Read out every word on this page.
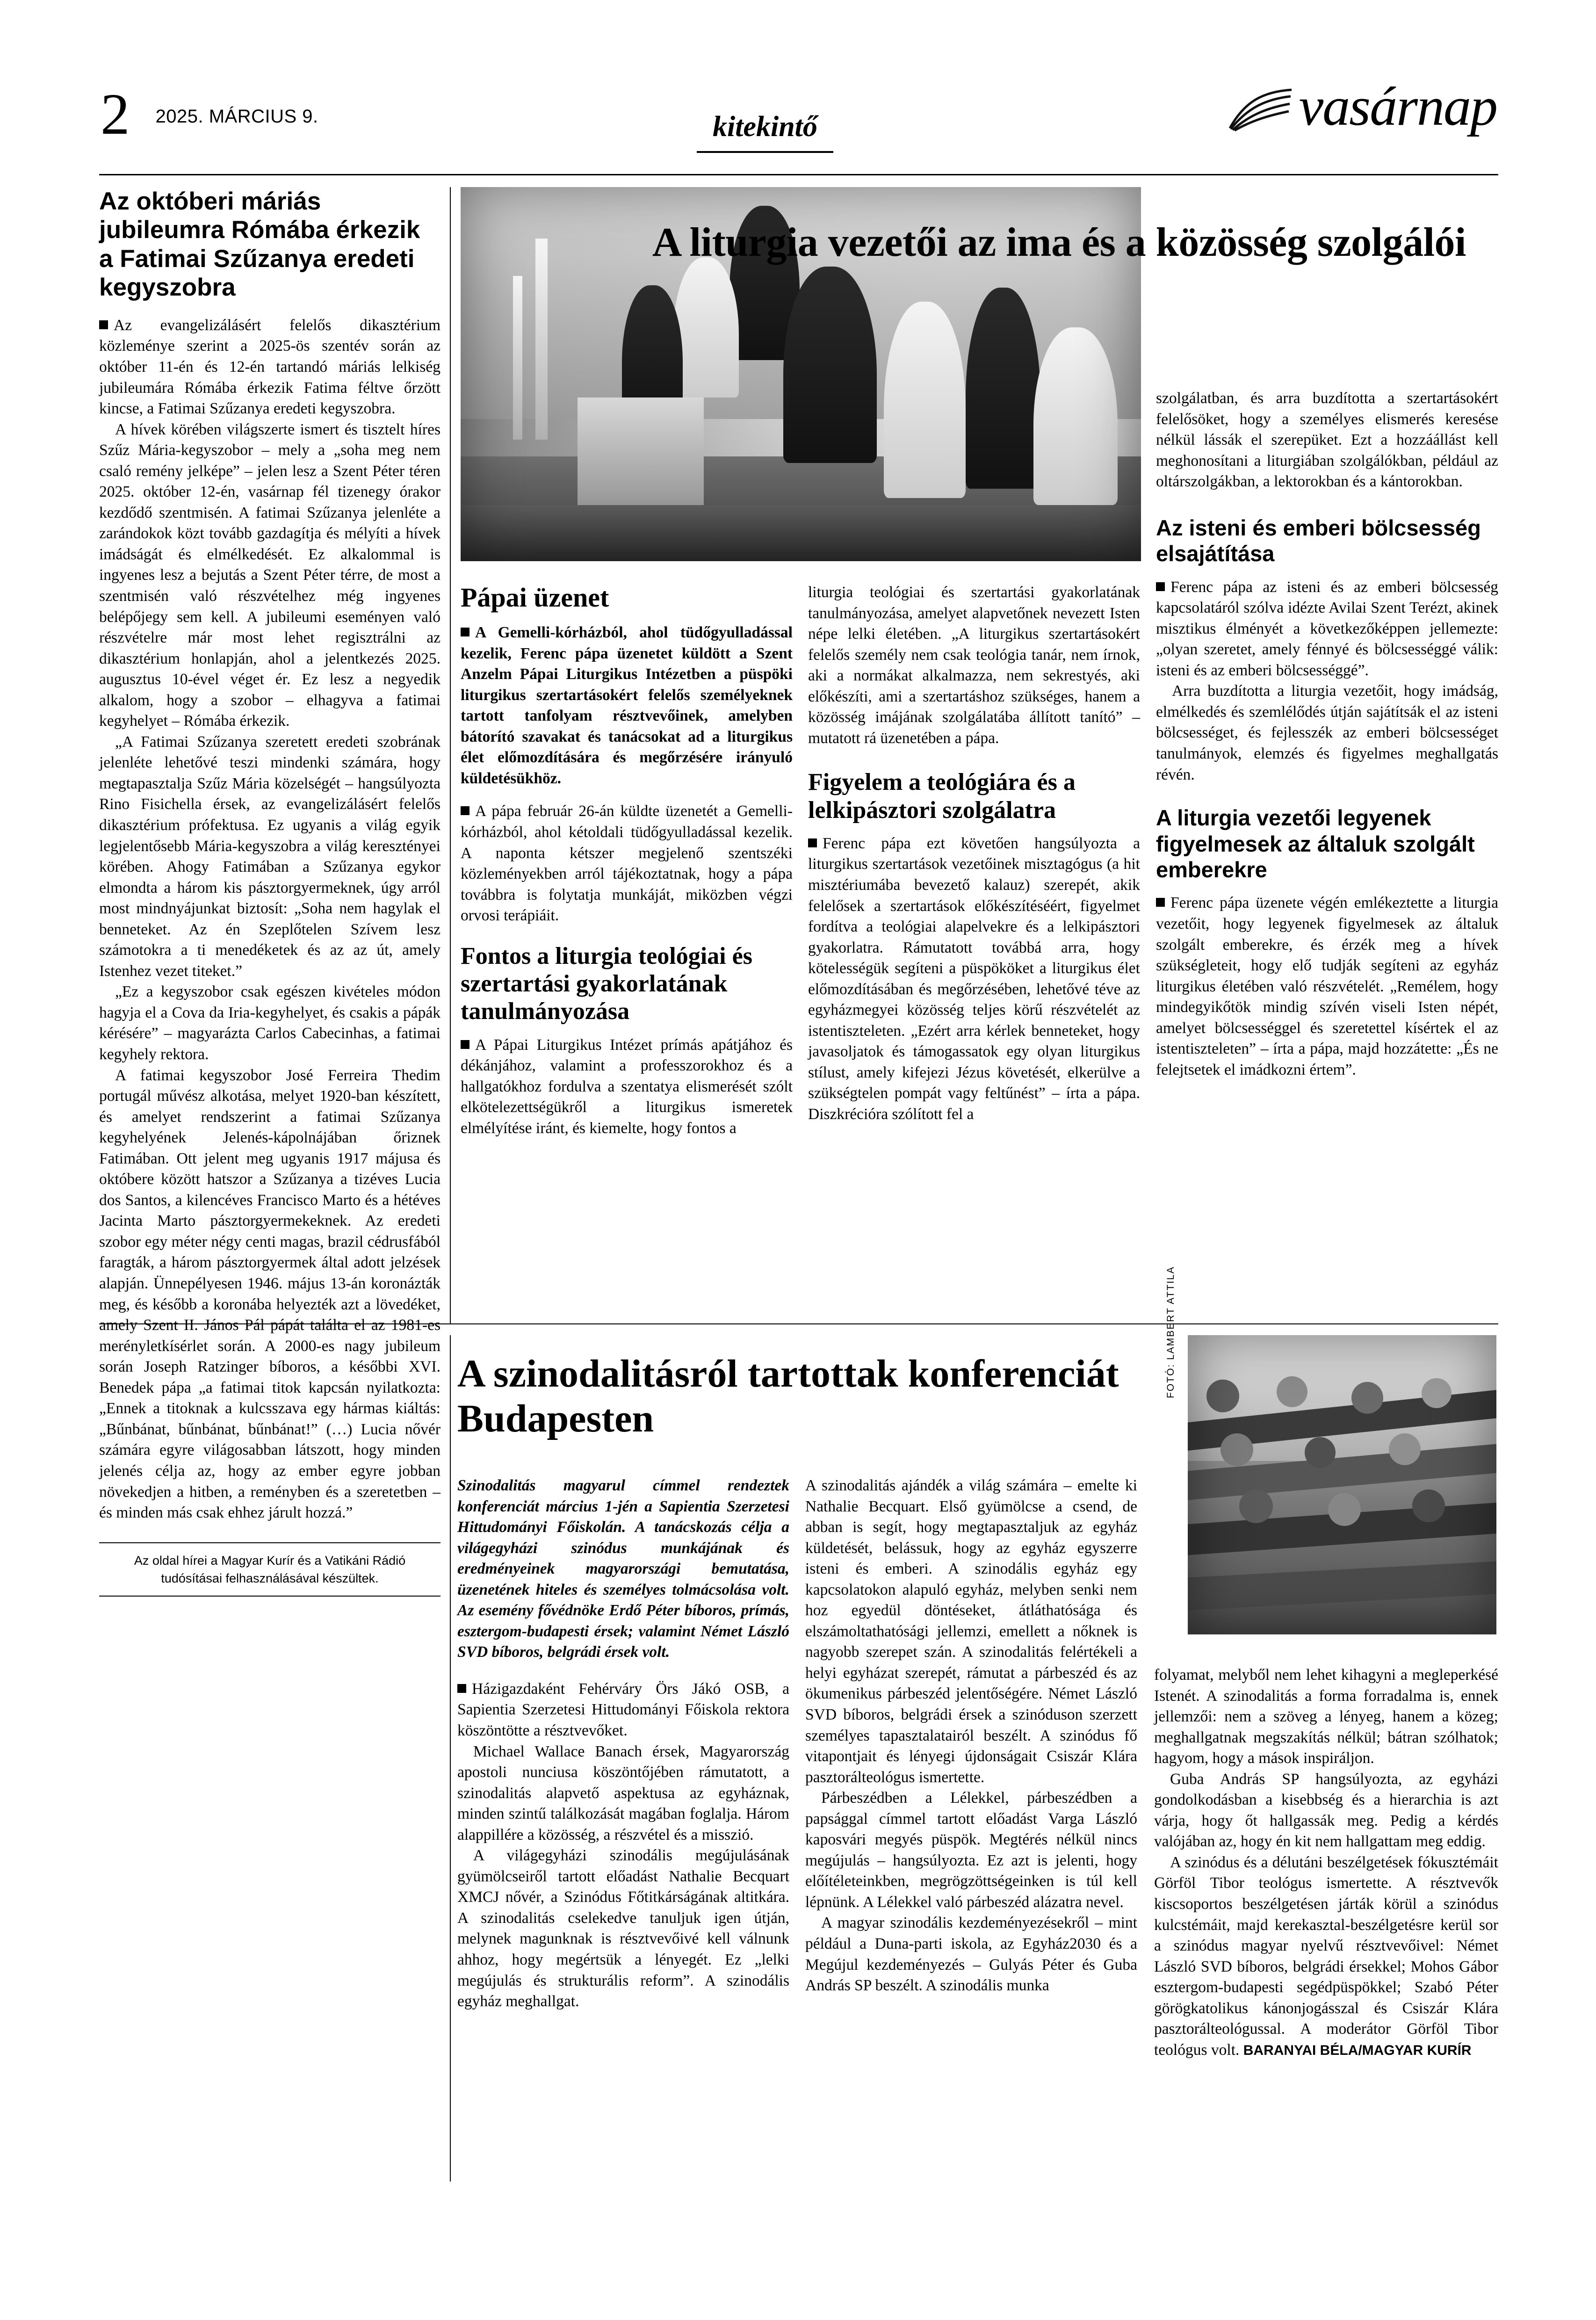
2 2025. MÁRCIUS 9.	kitekintő	vasárnap
A liturgia vezetői az ima és a közösség szolgálói
Az októberi máriás jubileumra Rómába érkezik a Fatimai Szűzanya eredeti kegyszobra

Az evangelizálásért felelős dikasztérium közleménye szerint a 2025-ös szentév során az október 11-én és 12-én tartandó máriás lelkiség jubileumára Rómába érkezik Fatima féltve őrzött kincse, a Fatimai Szűzanya eredeti kegyszobra.

A hívek körében világszerte ismert és tisztelt híres Szűz Mária-kegyszobor – mely a „soha meg nem csaló remény jelképe” – jelen lesz a Szent Péter téren 2025. október 12-én, vasárnap fél tizenegy órakor kezdődő szentmisén. A fatimai Szűzanya jelenléte a zarándokok közt tovább gazdagítja és mélyíti a hívek imádságát és elmélkedését. Ez alkalommal is ingyenes lesz a bejutás a Szent Péter térre, de most a szentmisén való részvételhez még ingyenes belépőjegy sem kell. A jubileumi eseményen való részvételre már most lehet regisztrálni az dikasztérium honlapján, ahol a jelentkezés 2025. augusztus 10-ével véget ér. Ez lesz a negyedik alkalom, hogy a szobor – elhagyva a fatimai kegyhelyet – Rómába érkezik.

„A Fatimai Szűzanya szeretett eredeti szobrának jelenléte lehetővé teszi mindenki számára, hogy megtapasztalja Szűz Mária közelségét – hangsúlyozta Rino Fisichella érsek, az evangelizálásért felelős dikasztérium prófektusa. Ez ugyanis a világ egyik legjelentősebb Mária-kegyszobra a világ keresztényei körében. Ahogy Fatimában a Szűzanya egykor elmondta a három kis pásztorgyermeknek, úgy arról most mindnyájunkat biztosít: „Soha nem hagylak el benneteket. Az én Szeplőtelen Szívem lesz számotokra a ti menedéketek és az az út, amely Istenhez vezet titeket.”

„Ez a kegyszobor csak egészen kivételes módon hagyja el a Cova da Iria-kegyhelyet, és csakis a pápák kérésére” – magyarázta Carlos Cabecinhas, a fatimai kegyhely rektora.

A fatimai kegyszobor José Ferreira Thedim portugál művész alkotása, melyet 1920-ban készített, és amelyet rendszerint a fatimai Szűzanya kegyhelyének Jelenés-kápolnájában őriznek Fatimában. Ott jelent meg ugyanis 1917 májusa és októbere között hatszor a Szűzanya a tizéves Lucia dos Santos, a kilencéves Francisco Marto és a hétéves Jacinta Marto pásztorgyermekeknek. Az eredeti szobor egy méter négy centi magas, brazil cédrusfából faragták, a három pásztorgyermek által adott jelzések alapján. Ünnepélyesen 1946. május 13-án koronázták meg, és később a koronába helyezték azt a lövedéket, amely Szent II. János Pál pápát találta el az 1981-es merényletkísérlet során. A 2000-es nagy jubileum során Joseph Ratzinger bíboros, a későbbi XVI. Benedek pápa „a fatimai titok kapcsán nyilatkozta: „Ennek a titoknak a kulcsszava egy hármas kiáltás: „Bűnbánat, bűnbánat, bűnbánat!” (…) Lucia nővér számára egyre világosabban látszott, hogy minden jelenés célja az, hogy az ember egyre jobban növekedjen a hitben, a reményben és a szeretetben – és minden más csak ehhez járult hozzá.”

Az oldal hírei a Magyar Kurír és a Vatikáni Rádió tudósításai felhasználásával készültek.
Pápai üzenet

A Gemelli-kórházból, ahol tüdőgyulladással kezelik, Ferenc pápa üzenetet küldött a Szent Anzelm Pápai Liturgikus Intézetben a püspöki liturgikus szertartásokért felelős személyeknek tartott tanfolyam résztvevőinek, amelyben bátorító szavakat és tanácsokat ad a liturgikus élet előmozdítására és megőrzésére irányuló küldetésükhöz.

A pápa február 26-án küldte üzenetét a Gemelli-kórházból, ahol kétoldali tüdőgyulladással kezelik. A naponta kétszer megjelenő szentszéki közleményekben arról tájékoztatnak, hogy a pápa továbbra is folytatja munkáját, miközben végzi orvosi terápiáit.

Fontos a liturgia teológiai és szertartási gyakorlatának tanulmányozása

A Pápai Liturgikus Intézet prímás apátjához és dékánjához, valamint a professzorokhoz és a hallgatókhoz fordulva a szentatya elismerését szólt elkötelezettségükről a liturgikus ismeretek elmélyítése iránt, és kiemelte, hogy fontos a

liturgia teológiai és szertartási gyakorlatának tanulmányozása, amelyet alapvetőnek nevezett Isten népe lelki életében. „A liturgikus szertartásokért felelős személy nem csak teológia tanár, nem írnok, aki a normákat alkalmazza, nem sekrestyés, aki előkészíti, ami a szertartáshoz szükséges, hanem a közösség imájának szolgálatába állított tanító” – mutatott rá üzenetében a pápa.

Figyelem a teológiára és a lelkipásztori szolgálatra

Ferenc pápa ezt követően hangsúlyozta a liturgikus szertartások vezetőinek misztagógus (a hit misztériumába bevezető kalauz) szerepét, akik felelősek a szertartások előkészítéséért, figyelmet fordítva a teológiai alapelvekre és a lelkipásztori gyakorlatra. Rámutatott továbbá arra, hogy kötelességük segíteni a püspököket a liturgikus élet előmozdításában és megőrzésében, lehetővé téve az egyházmegyei közösség teljes körű részvételét az istentiszteleten. „Ezért arra kérlek benneteket, hogy javasoljatok és támogassatok egy olyan liturgikus stílust, amely kifejezi Jézus követését, elkerülve a szükségtelen pompát vagy feltűnést” – írta a pápa. Diszkrécióra szólított fel a

szolgálatban, és arra buzdította a szertartásokért felelősöket, hogy a személyes elismerés keresése nélkül lássák el szerepüket. Ezt a hozzáállást kell meghonosítani a liturgiában szolgálókban, például az oltárszolgákban, a lektorokban és a kántorokban.

Az isteni és emberi bölcsesség elsajátítása

Ferenc pápa az isteni és az emberi bölcsesség kapcsolatáról szólva idézte Avilai Szent Terézt, akinek misztikus élményét a következőképpen jellemezte: „olyan szeretet, amely fénnyé és bölcsességgé válik: isteni és az emberi bölcsességgé”.

Arra buzdította a liturgia vezetőit, hogy imádság, elmélkedés és szemlélődés útján sajátítsák el az isteni bölcsességet, és fejlesszék az emberi bölcsességet tanulmányok, elemzés és figyelmes meghallgatás révén.

A liturgia vezetői legyenek figyelmesek az általuk szolgált emberekre

Ferenc pápa üzenete végén emlékeztette a liturgia vezetőit, hogy legyenek figyelmesek az általuk szolgált emberekre, és érzék meg a hívek szükségleteit, hogy elő tudják segíteni az egyház liturgikus életében való részvételét. „Remélem, hogy mindegyikőtök mindig szívén viseli Isten népét, amelyet bölcsességgel és szeretettel kísértek el az istentiszteleten” – írta a pápa, majd hozzátette: „És ne felejtsetek el imádkozni értem”.

A szinodalitásról tartottak konferenciát Budapesten
FOTÓ: LAMBERT ATTILA
Szinodalitás magyarul címmel rendeztek konferenciát március 1-jén a Sapientia Szerzetesi Hittudományi Főiskolán. A tanácskozás célja a világegyházi szinódus munkájának és eredményeinek magyarországi bemutatása, üzenetének hiteles és személyes tolmácsolása volt. Az esemény fővédnöke Erdő Péter bíboros, prímás, esztergom-budapesti érsek; valamint Német László SVD bíboros, belgrádi érsek volt.

Házigazdaként Fehérváry Örs Jákó OSB, a Sapientia Szerzetesi Hittudományi Főiskola rektora köszöntötte a résztvevőket.

Michael Wallace Banach érsek, Magyarország apostoli nunciusa köszöntőjében rámutatott, a szinodalitás alapvető aspektusa az egyháznak, minden szintű találkozását magában foglalja. Három alappillére a közösség, a részvétel és a misszió.

A világegyházi szinodális megújulásának gyümölcseiről tartott előadást Nathalie Becquart XMCJ nővér, a Szinódus Főtitkárságának altitkára. A szinodalitás cselekedve tanuljuk igen útján, melynek magunknak is résztvevőivé kell válnunk ahhoz, hogy megértsük a lényegét. Ez „lelki megújulás és strukturális reform”. A szinodális egyház meghallgat.

A szinodalitás ajándék a világ számára – emelte ki Nathalie Becquart. Első gyümölcse a csend, de abban is segít, hogy megtapasztaljuk az egyház küldetését, belássuk, hogy az egyház egyszerre isteni és emberi. A szinodális egyház egy kapcsolatokon alapuló egyház, melyben senki nem hoz egyedül döntéseket, átláthatósága és elszámoltathatósági jellemzi, emellett a nőknek is nagyobb szerepet szán. A szinodalitás felértékeli a helyi egyházat szerepét, rámutat a párbeszéd és az ökumenikus párbeszéd jelentőségére. Német László SVD bíboros, belgrádi érsek a szinóduson szerzett személyes tapasztalatairól beszélt. A szinódus fő vitapontjait és lényegi újdonságait Csiszár Klára pasztorálteológus ismertette.

Párbeszédben a Lélekkel, párbeszédben a papsággal címmel tartott előadást Varga László kaposvári megyés püspök. Megtérés nélkül nincs megújulás – hangsúlyozta. Ez azt is jelenti, hogy előítéleteinkben, megrögzöttségeinken is túl kell lépnünk. A Lélekkel való párbeszéd alázatra nevel.

A magyar szinodális kezdeményezésekről – mint például a Duna-parti iskola, az Egyház2030 és a Megújul kezdeményezés – Gulyás Péter és Guba András SP beszélt. A szinodális munka

folyamat, melyből nem lehet kihagyni a megleperkésé Istenét. A szinodalitás a forma forradalma is, ennek jellemzői: nem a szöveg a lényeg, hanem a közeg; meghallgatnak megszakítás nélkül; bátran szólhatok; hagyom, hogy a mások inspiráljon.

Guba András SP hangsúlyozta, az egyházi gondolkodásban a kisebbség és a hierarchia is azt várja, hogy őt hallgassák meg. Pedig a kérdés valójában az, hogy én kit nem hallgattam meg eddig.

A szinódus és a délutáni beszélgetések fókusztémáit Görföl Tibor teológus ismertette. A résztvevők kiscsoportos beszélgetésen járták körül a szinódus kulcstémáit, majd kerekasztal-beszélgetésre kerül sor a szinódus magyar nyelvű résztvevőivel: Német László SVD bíboros, belgrádi érsekkel; Mohos Gábor esztergom-budapesti segédpüspökkel; Szabó Péter görögkatolikus kánonjogásszal és Csiszár Klára pasztorálteológussal. A moderátor Görföl Tibor teológus volt. BARANYAI BÉLA/MAGYAR KURÍR
